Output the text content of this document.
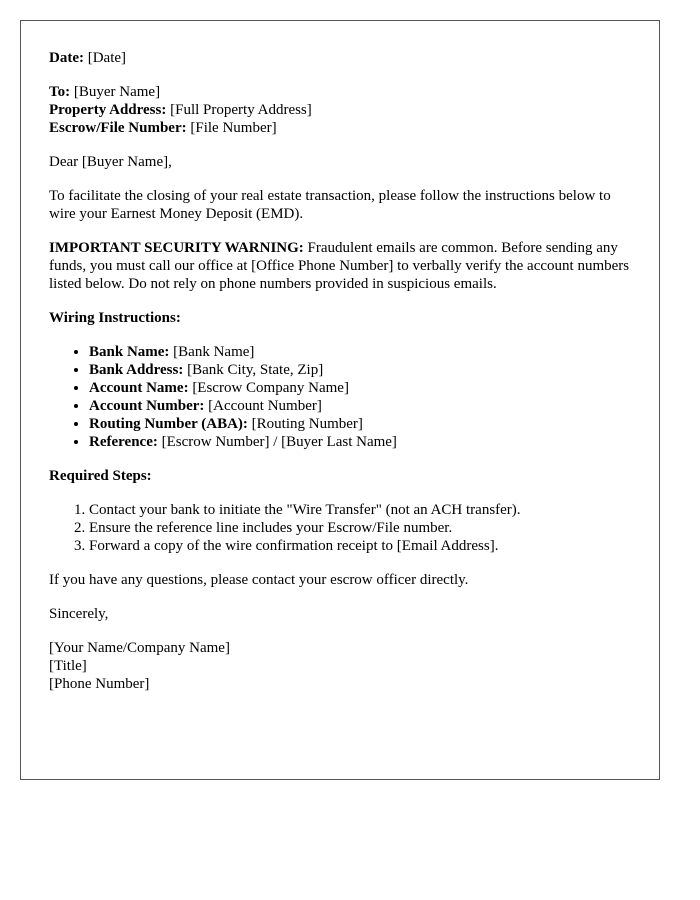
Date: [Date]

To: [Buyer Name]

Property Address: [Full Property Address]

Escrow/File Number: [File Number]

Dear [Buyer Name],

To facilitate the closing of your real estate transaction, please follow the instructions below to wire your Earnest Money Deposit (EMD).

IMPORTANT SECURITY WARNING: Fraudulent emails are common. Before sending any funds, you must call our office at [Office Phone Number] to verbally verify the account numbers listed below. Do not rely on phone numbers provided in suspicious emails.

Wiring Instructions:

• Bank Name: [Bank Name]
• Bank Address: [Bank City, State, Zip]
• Account Name: [Escrow Company Name]
• Account Number: [Account Number]
• Routing Number (ABA): [Routing Number]
• Reference: [Escrow Number] / [Buyer Last Name]

Required Steps:

1. Contact your bank to initiate the "Wire Transfer" (not an ACH transfer).
2. Ensure the reference line includes your Escrow/File number.
3. Forward a copy of the wire confirmation receipt to [Email Address].

If you have any questions, please contact your escrow officer directly.

Sincerely,

[Your Name/Company Name]

[Title]

[Phone Number]
